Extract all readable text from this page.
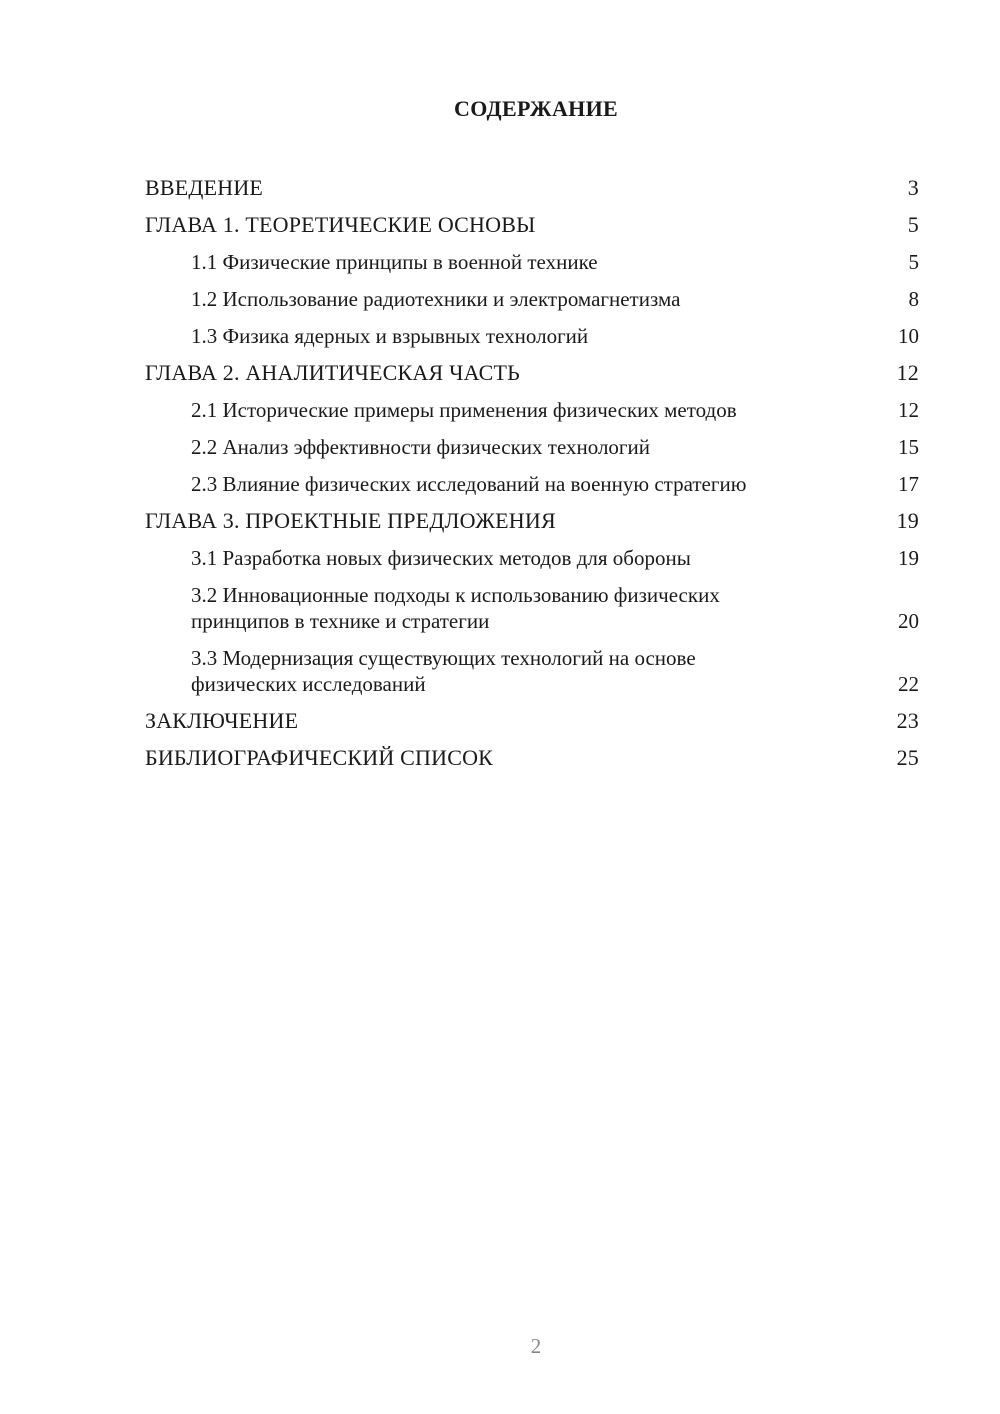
СОДЕРЖАНИЕ
ВВЕДЕНИЕ	3
ГЛАВА 1. ТЕОРЕТИЧЕСКИЕ ОСНОВЫ	5
1.1 Физические принципы в военной технике	5
1.2 Использование радиотехники и электромагнетизма	8
1.3 Физика ядерных и взрывных технологий	10
ГЛАВА 2. АНАЛИТИЧЕСКАЯ ЧАСТЬ	12
2.1 Исторические примеры применения физических методов	12
2.2 Анализ эффективности физических технологий	15
2.3 Влияние физических исследований на военную стратегию	17
ГЛАВА 3. ПРОЕКТНЫЕ ПРЕДЛОЖЕНИЯ	19
3.1 Разработка новых физических методов для обороны	19
3.2 Инновационные подходы к использованию физических принципов в технике и стратегии	20
3.3 Модернизация существующих технологий на основе физических исследований	22
ЗАКЛЮЧЕНИЕ	23
БИБЛИОГРАФИЧЕСКИЙ СПИСОК	25
2
